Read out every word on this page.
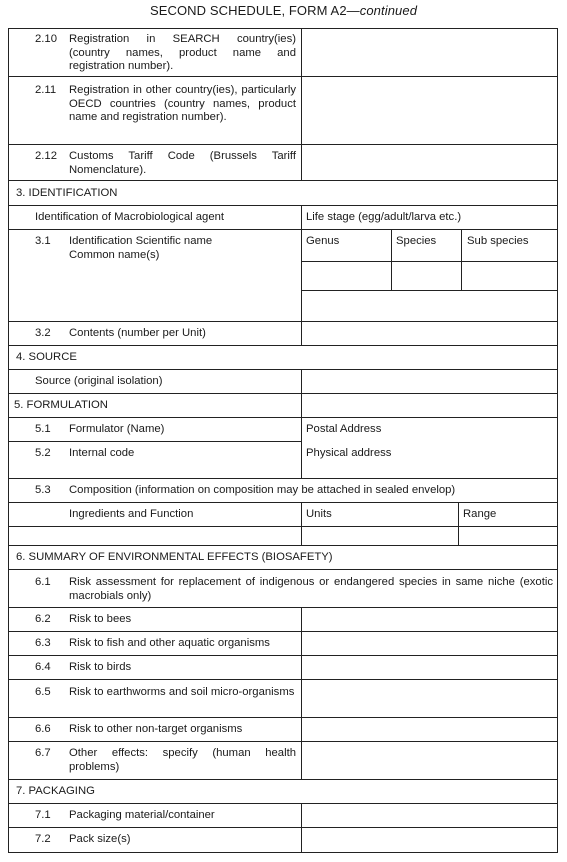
SECOND SCHEDULE, FORM A2—continued
2.10 Registration in SEARCH country(ies) (country names, product name and registration number).
2.11 Registration in other country(ies), particularly OECD countries (country names, product name and registration number).
2.12 Customs Tariff Code (Brussels Tariff Nomenclature).
3. IDENTIFICATION
Identification of Macrobiological agent	Life stage (egg/adult/larva etc.)
3.1 Identification Scientific name
Common name(s)
Genus	Species	Sub species
3.2 Contents (number per Unit)
4. SOURCE
Source (original isolation)
5. FORMULATION
5.1 Formulator (Name)	Postal Address
5.2 Internal code	Physical address
5.3 Composition (information on composition may be attached in sealed envelop)
Ingredients and Function	Units	Range
6. SUMMARY OF ENVIRONMENTAL EFFECTS (BIOSAFETY)
6.1 Risk assessment for replacement of indigenous or endangered species in same niche (exotic macrobials only)
6.2 Risk to bees
6.3 Risk to fish and other aquatic organisms
6.4 Risk to birds
6.5 Risk to earthworms and soil micro-organisms
6.6 Risk to other non-target organisms
6.7 Other effects: specify (human health problems)
7. PACKAGING
7.1 Packaging material/container
7.2 Pack size(s)
